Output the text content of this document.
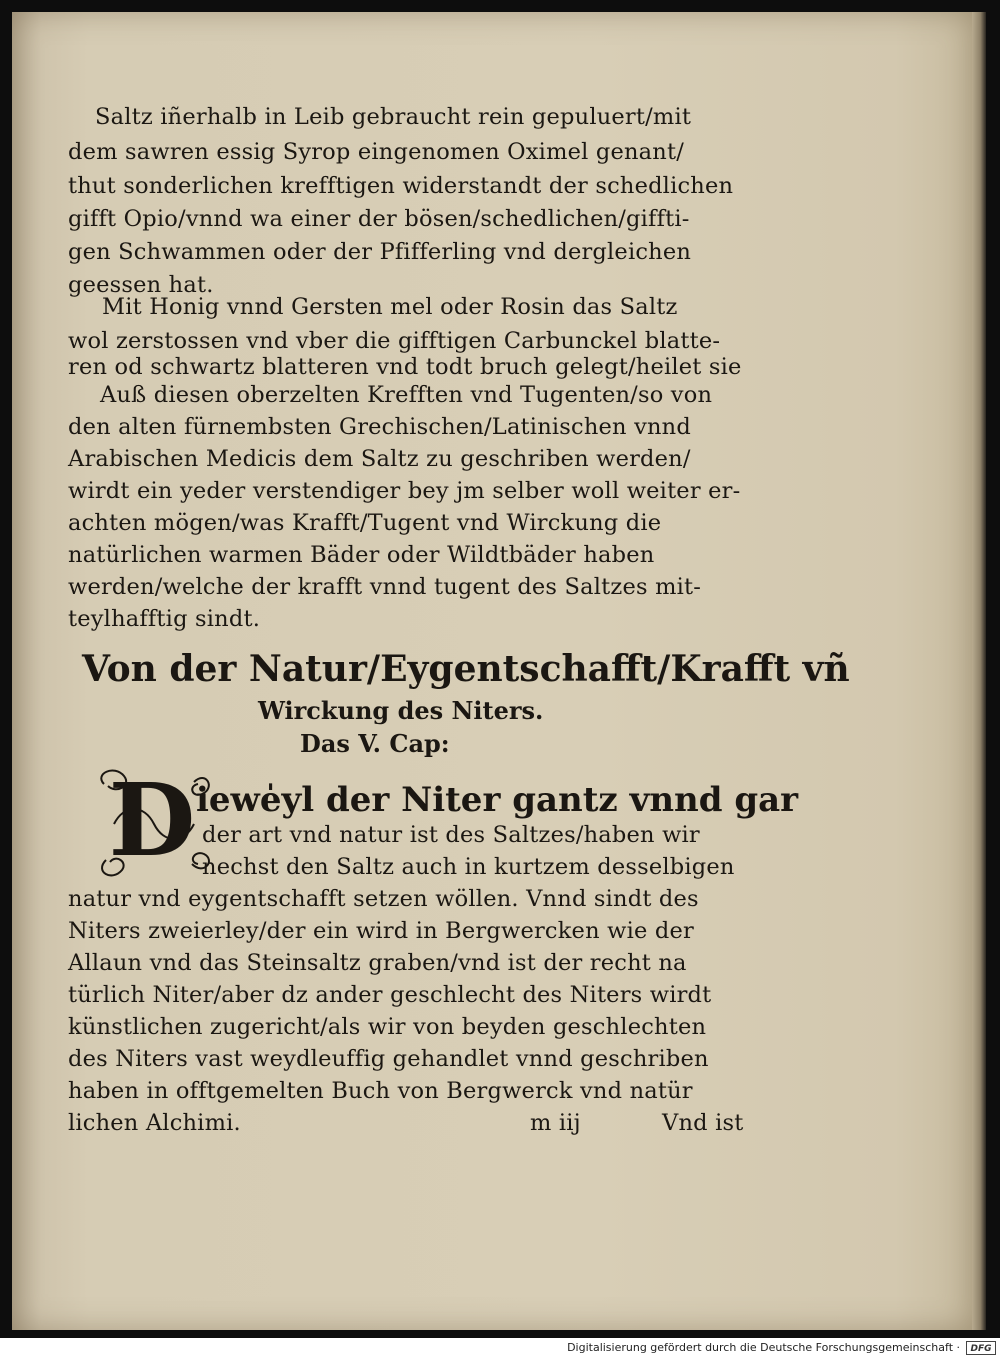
Saltz iñerhalb in Leib gebraucht rein gepuluert/mit
dem sawren essig Syrop eingenomen Oximel genant/
thut sonderlichen krefftigen widerstandt der schedlichen
gifft Opio/vnnd wa einer der bösen/schedlichen/giffti-
gen Schwammen oder der Pfifferling vnd dergleichen
geessen hat.
Mit Honig vnnd Gersten mel oder Rosin das Saltz
wol zerstossen vnd vber die gifftigen Carbunckel blatte-
ren od schwartz blatteren vnd todt bruch gelegt/heilet sie
Auß diesen oberzelten Krefften vnd Tugenten/so von
den alten fürnembsten Grechischen/Latinischen vnnd
Arabischen Medicis dem Saltz zu geschriben werden/
wirdt ein yeder verstendiger bey jm selber woll weiter er-
achten mögen/was Krafft/Tugent vnd Wirckung die
natürlichen warmen Bäder oder Wildtbäder haben
werden/welche der krafft vnnd tugent des Saltzes mit-
teylhafftig sindt.
Von der Natur/Eygentschafft/Krafft vñ
Wirckung des Niters.
Das V. Cap:
D iewe̍yl der Niter gantz vnnd gar
der art vnd natur ist des Saltzes/haben wir
nechst den Saltz auch in kurtzem desselbigen
natur vnd eygentschafft setzen wöllen. Vnnd sindt des
Niters zweierley/der ein wird in Bergwercken wie der
Allaun vnd das Steinsaltz graben/vnd ist der recht na
türlich Niter/aber dz ander geschlecht des Niters wirdt
künstlichen zugericht/als wir von beyden geschlechten
des Niters vast weydleuffig gehandlet vnnd geschriben
haben in offtgemelten Buch von Bergwerck vnd natür
lichen Alchimi.	m iij	Vnd ist
Digitalisierung gefördert durch die Deutsche Forschungsgemeinschaft ·	DFG
